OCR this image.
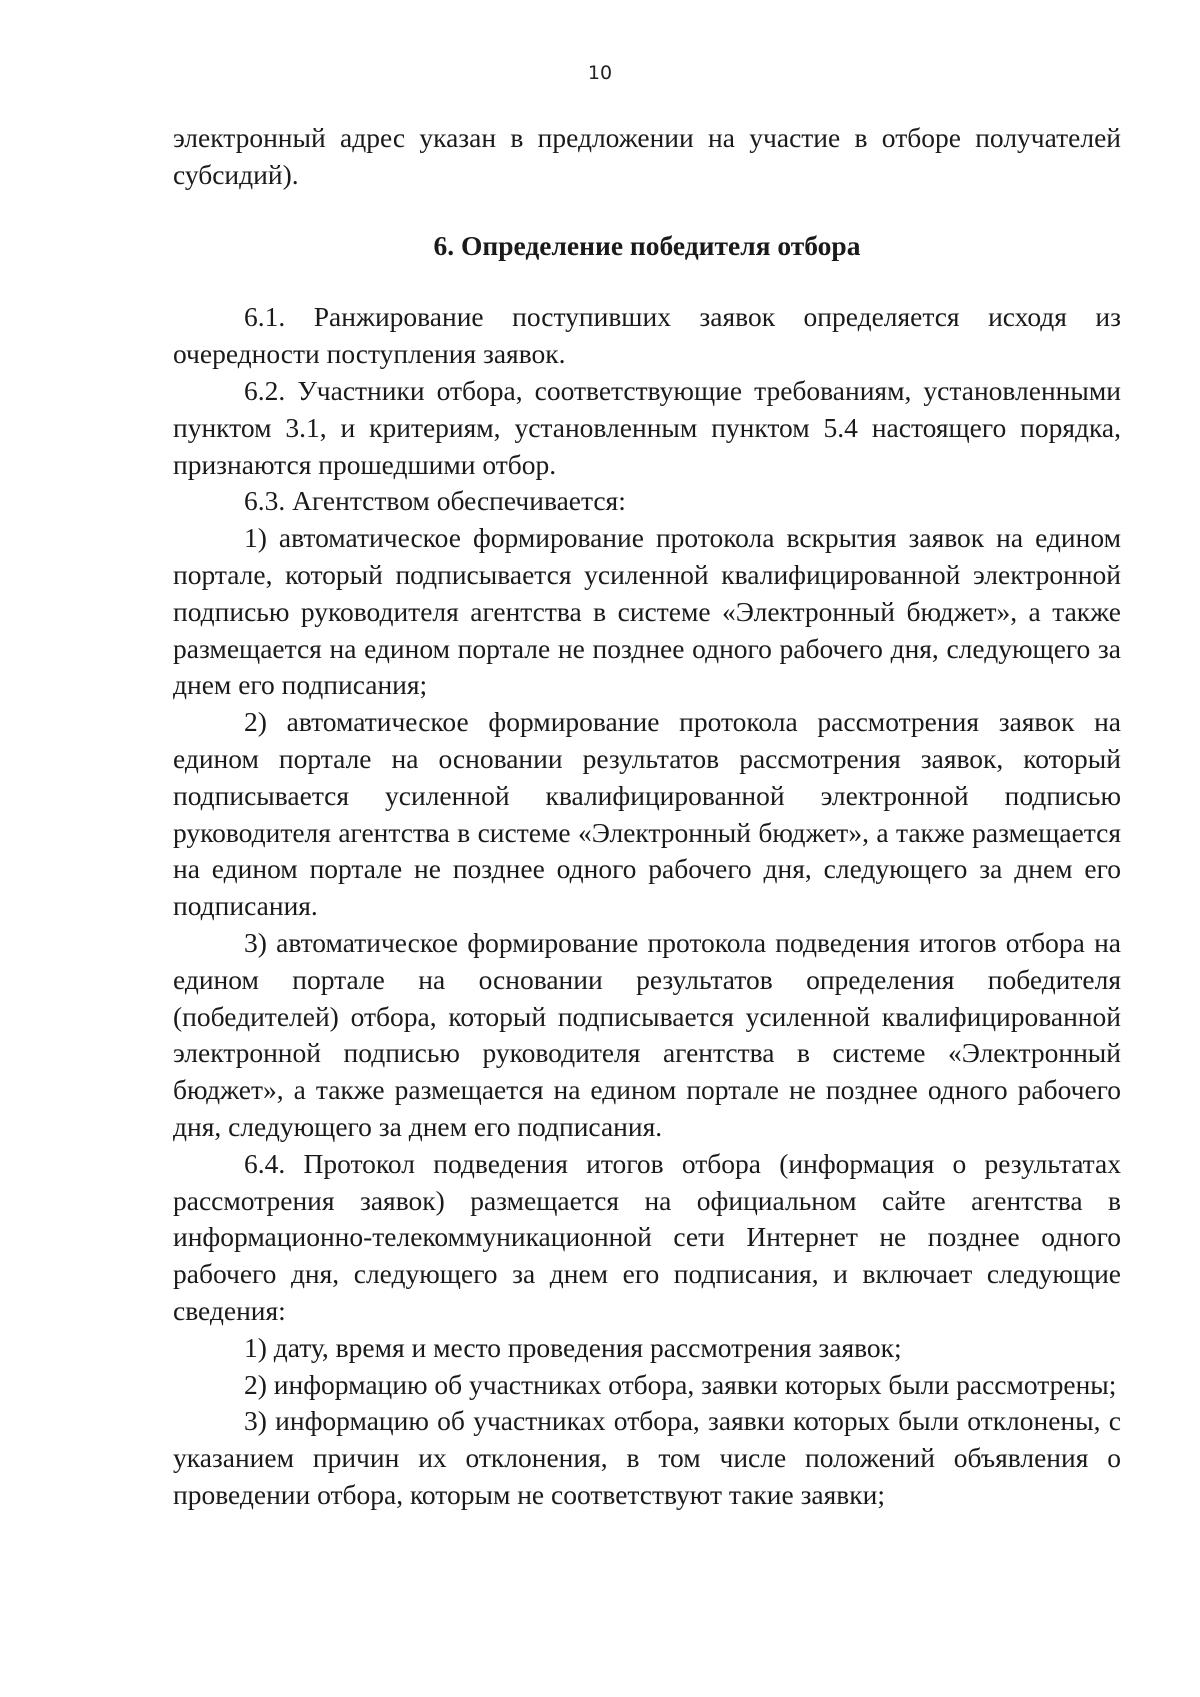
10

электронный адрес указан в предложении на участие в отборе получателей субсидий).

6. Определение победителя отбора

6.1. Ранжирование поступивших заявок определяется исходя из очередности поступления заявок.

6.2. Участники отбора, соответствующие требованиям, установленными пунктом 3.1, и критериям, установленным пунктом 5.4 настоящего порядка, признаются прошедшими отбор.

6.3. Агентством обеспечивается:

1) автоматическое формирование протокола вскрытия заявок на едином портале, который подписывается усиленной квалифицированной электронной подписью руководителя агентства в системе «Электронный бюджет», а также размещается на едином портале не позднее одного рабочего дня, следующего за днем его подписания;

2) автоматическое формирование протокола рассмотрения заявок на едином портале на основании результатов рассмотрения заявок, который подписывается усиленной квалифицированной электронной подписью руководителя агентства в системе «Электронный бюджет», а также размещается на едином портале не позднее одного рабочего дня, следующего за днем его подписания.

3) автоматическое формирование протокола подведения итогов отбора на едином портале на основании результатов определения победителя (победителей) отбора, который подписывается усиленной квалифицированной электронной подписью руководителя агентства в системе «Электронный бюджет», а также размещается на едином портале не позднее одного рабочего дня, следующего за днем его подписания.

6.4. Протокол подведения итогов отбора (информация о результатах рассмотрения заявок) размещается на официальном сайте агентства в информационно-телекоммуникационной сети Интернет не позднее одного рабочего дня, следующего за днем его подписания, и включает следующие сведения:

1) дату, время и место проведения рассмотрения заявок;

2) информацию об участниках отбора, заявки которых были рассмотрены;

3) информацию об участниках отбора, заявки которых были отклонены, с указанием причин их отклонения, в том числе положений объявления о проведении отбора, которым не соответствуют такие заявки;
